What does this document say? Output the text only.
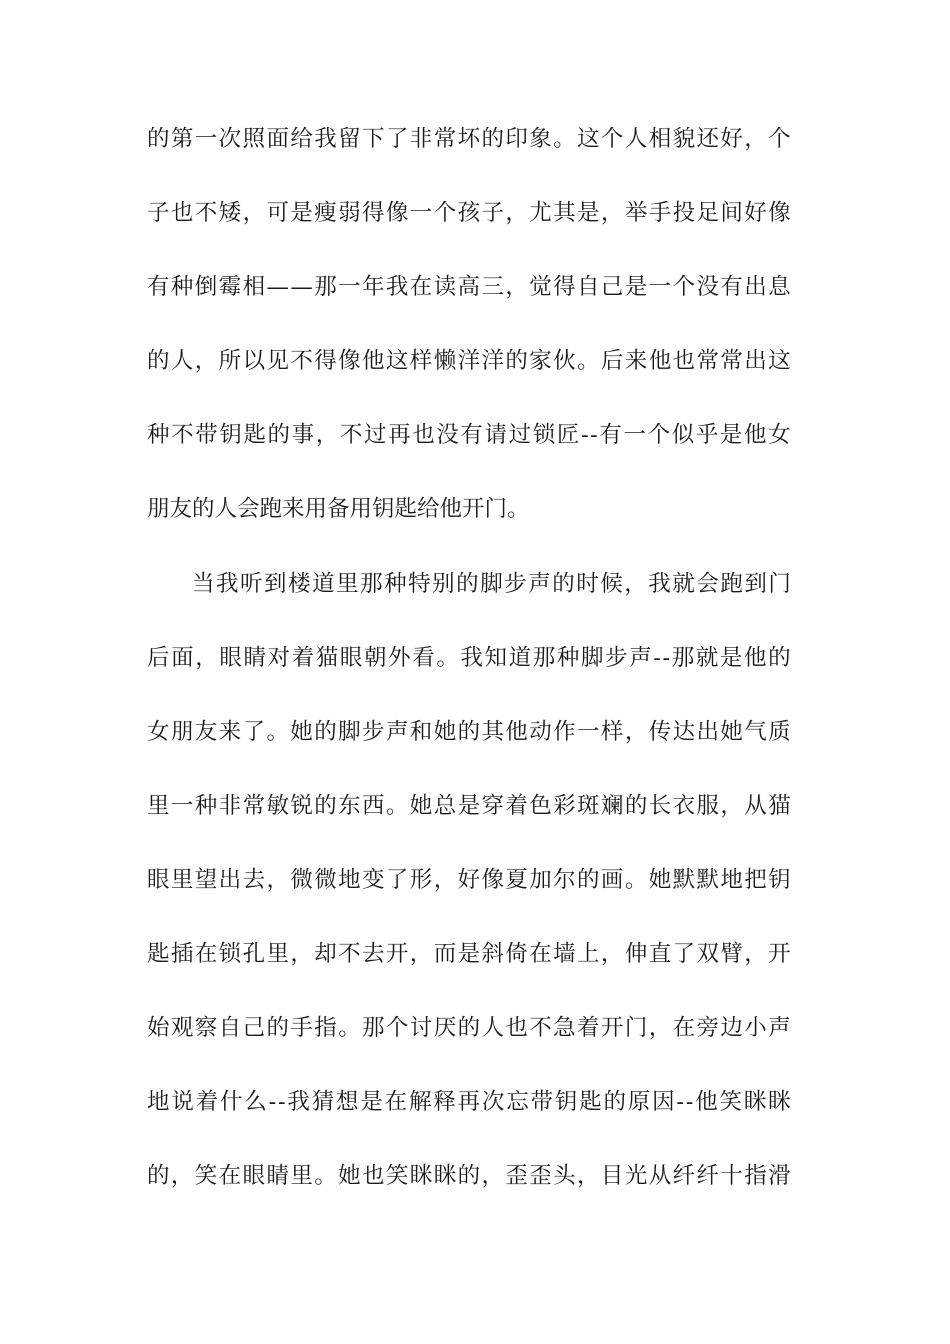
的 第 一 次 照 面 给 我 留 下 了 非 常 坏 的 印 象 。 这 个 人 相 貌 还 好 ， 个
子 也 不 矮 ， 可 是 瘦 弱 得 像 一 个 孩 子 ， 尤 其 是 ， 举 手 投 足 间 好 像
有 种 倒 霉 相 — — 那 一 年 我 在 读 高 三 ， 觉 得 自 己 是 一 个 没 有 出 息
的 人 ， 所 以 见 不 得 像 他 这 样 懒 洋 洋 的 家 伙 。 后 来 他 也 常 常 出 这
种 不 带 钥 匙 的 事 ， 不 过 再 也 没 有 请 过 锁 匠 - - 有 一 个 似 乎 是 他 女
朋友的人会跑来用备用钥匙给他开门。
当 我 听 到 楼 道 里 那 种 特 别 的 脚 步 声 的 时 候 ， 我 就 会 跑 到 门
后 面 ， 眼 睛 对 着 猫 眼 朝 外 看 。 我 知 道 那 种 脚 步 声 - - 那 就 是 他 的
女 朋 友 来 了 。 她 的 脚 步 声 和 她 的 其 他 动 作 一 样 ， 传 达 出 她 气 质
里 一 种 非 常 敏 锐 的 东 西 。 她 总 是 穿 着 色 彩 斑 斓 的 长 衣 服 ， 从 猫
眼 里 望 出 去 ， 微 微 地 变 了 形 ， 好 像 夏 加 尔 的 画 。 她 默 默 地 把 钥
匙 插 在 锁 孔 里 ， 却 不 去 开 ， 而 是 斜 倚 在 墙 上 ， 伸 直 了 双 臂 ， 开
始 观 察 自 己 的 手 指 。 那 个 讨 厌 的 人 也 不 急 着 开 门 ， 在 旁 边 小 声
地 说 着 什 么 - - 我 猜 想 是 在 解 释 再 次 忘 带 钥 匙 的 原 因 - - 他 笑 眯 眯
的 ， 笑 在 眼 睛 里 。 她 也 笑 眯 眯 的 ， 歪 歪 头 ， 目 光 从 纤 纤 十 指 滑
